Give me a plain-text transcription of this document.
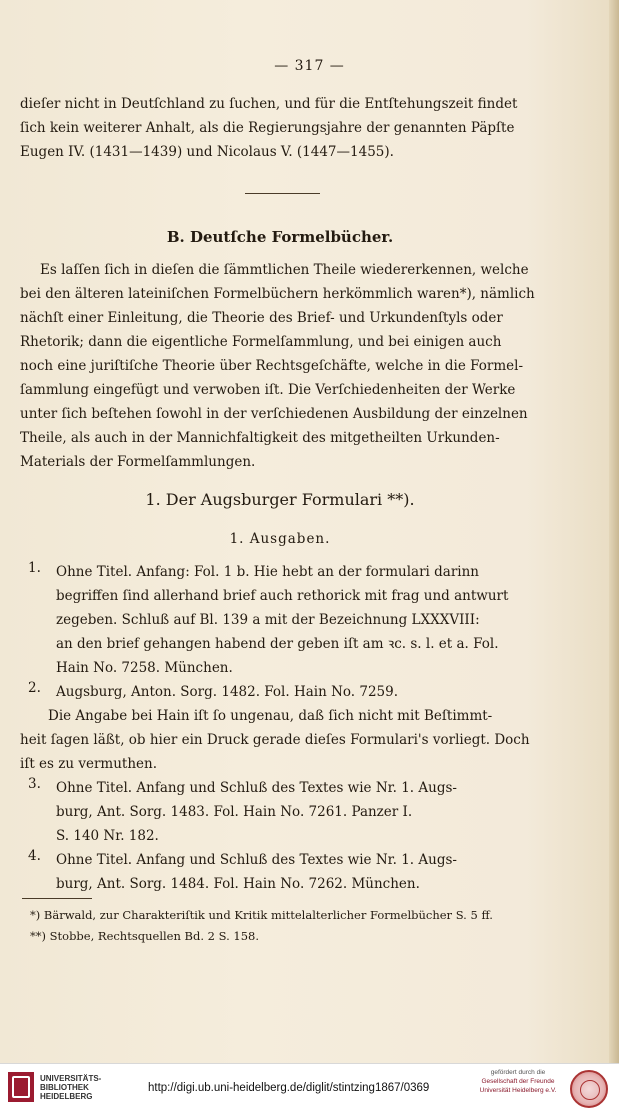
— 317 —
dieſer nicht in Deutſchland zu ſuchen, und für die Entſtehungszeit findet
ſich kein weiterer Anhalt, als die Regierungsjahre der genannten Päpſte
Eugen IV. (1431—1439) und Nicolaus V. (1447—1455).
B. Deutſche Formelbücher.
Es laſſen ſich in dieſen die ſämmtlichen Theile wiedererkennen, welche
bei den älteren lateiniſchen Formelbüchern herkömmlich waren*), nämlich
nächſt einer Einleitung, die Theorie des Brief- und Urkundenſtyls oder
Rhetorik; dann die eigentliche Formelſammlung, und bei einigen auch
noch eine juriſtiſche Theorie über Rechtsgeſchäfte, welche in die Formel-
ſammlung eingefügt und verwoben iſt. Die Verſchiedenheiten der Werke
unter ſich beſtehen ſowohl in der verſchiedenen Ausbildung der einzelnen
Theile, als auch in der Mannichfaltigkeit des mitgetheilten Urkunden-
Materials der Formelſammlungen.
1. Der Augsburger Formulari **).
1. Ausgaben.
1. Ohne Titel. Anfang: Fol. 1 b. Hie hebt an der formulari darinn
begriffen ſind allerhand brief auch rethorick mit frag und antwurt
zegeben. Schluß auf Bl. 139 a mit der Bezeichnung LXXXVIII:
an den brief gehangen habend der geben iſt am ꝛc. s. l. et a. Fol.
Hain No. 7258. München.
2. Augsburg, Anton. Sorg. 1482. Fol. Hain No. 7259.
Die Angabe bei Hain iſt ſo ungenau, daß ſich nicht mit Beſtimmt-
heit ſagen läßt, ob hier ein Druck gerade dieſes Formulari's vorliegt. Doch
iſt es zu vermuthen.
3. Ohne Titel. Anfang und Schluß des Textes wie Nr. 1. Augs-
burg, Ant. Sorg. 1483. Fol. Hain No. 7261. Panzer I.
S. 140 Nr. 182.
4. Ohne Titel. Anfang und Schluß des Textes wie Nr. 1. Augs-
burg, Ant. Sorg. 1484. Fol. Hain No. 7262. München.
*) Bärwald, zur Charakteriſtik und Kritik mittelalterlicher Formelbücher S. 5 ff.
**) Stobbe, Rechtsquellen Bd. 2 S. 158.
UNIVERSITÄTS-
BIBLIOTHEK
HEIDELBERG
http://digi.ub.uni-heidelberg.de/diglit/stintzing1867/0369
gefördert durch die
Gesellschaft der Freunde
Universität Heidelberg e.V.
